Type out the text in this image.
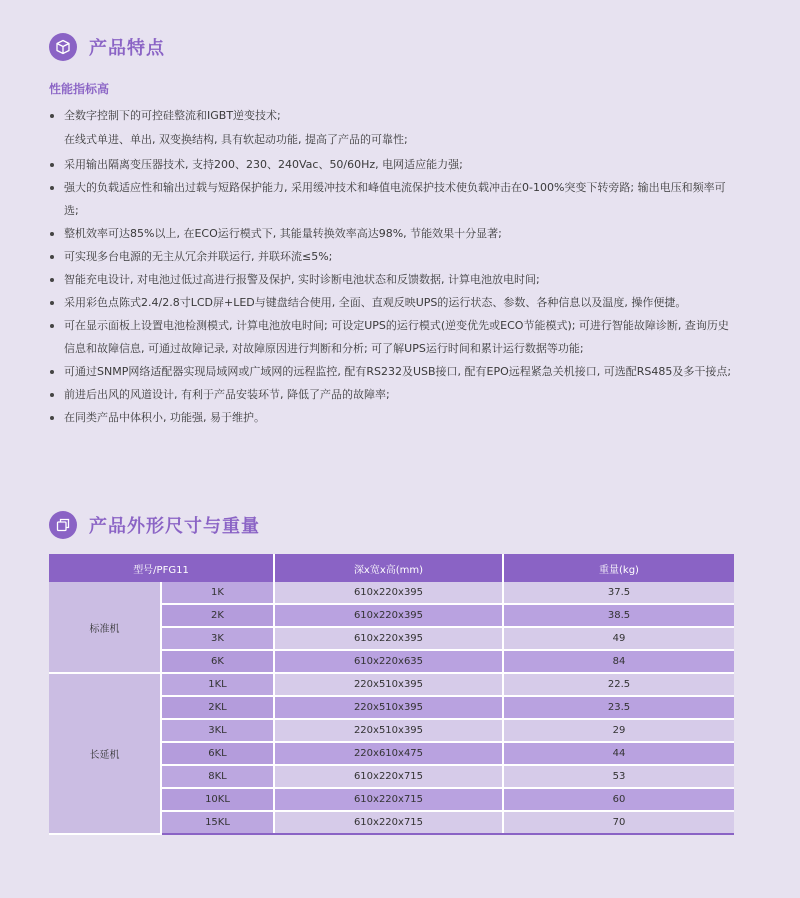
产品特点
性能指标高
全数字控制下的可控硅整流和IGBT逆变技术;
在线式单进、单出, 双变换结构, 具有软起动功能, 提高了产品的可靠性;
采用输出隔离变压器技术, 支持200、230、240Vac、50/60Hz, 电网适应能力强;
强大的负载适应性和输出过载与短路保护能力, 采用缓冲技术和峰值电流保护技术使负载冲击在0-100%突变下转旁路; 输出电压和频率可选;
整机效率可达85%以上, 在ECO运行模式下, 其能量转换效率高达98%, 节能效果十分显著;
可实现多台电源的无主从冗余并联运行, 并联环流≤5%;
智能充电设计, 对电池过低过高进行报警及保护, 实时诊断电池状态和反馈数据, 计算电池放电时间;
采用彩色点陈式2.4/2.8寸LCD屏+LED与键盘结合使用, 全面、直观反映UPS的运行状态、参数、各种信息以及温度, 操作便捷。
可在显示面板上设置电池检测模式, 计算电池放电时间; 可设定UPS的运行模式(逆变优先或ECO节能模式); 可进行智能故障诊断, 查询历史信息和故障信息, 可通过故障记录, 对故障原因进行判断和分析; 可了解UPS运行时间和累计运行数据等功能;
可通过SNMP网络适配器实现局域网或广域网的远程监控, 配有RS232及USB接口, 配有EPO远程紧急关机接口, 可选配RS485及多干接点;
前进后出风的风道设计, 有利于产品安装环节, 降低了产品的故障率;
在同类产品中体积小, 功能强, 易于维护。
产品外形尺寸与重量
型号/PFG11		深x宽x高(mm)	重量(kg)
标准机	1K	610x220x395	37.5
	2K	610x220x395	38.5
	3K	610x220x395	49
	6K	610x220x635	84
长延机	1KL	220x510x395	22.5
	2KL	220x510x395	23.5
	3KL	220x510x395	29
	6KL	220x610x475	44
	8KL	610x220x715	53
	10KL	610x220x715	60
	15KL	610x220x715	70
